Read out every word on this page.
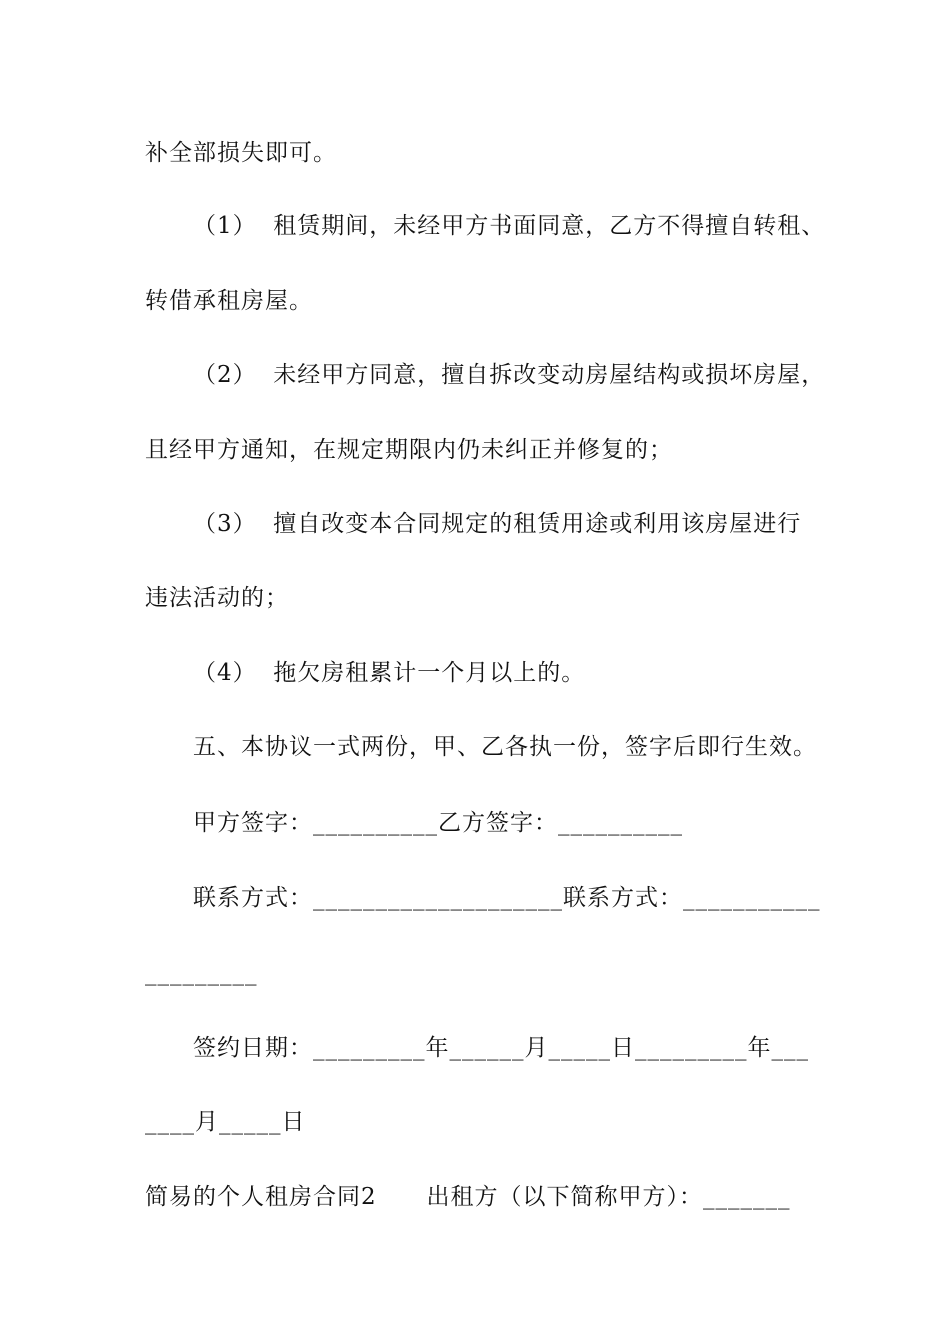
补全部损失即可。
（1）  租赁期间，未经甲方书面同意，乙方不得擅自转租、
转借承租房屋。
（2）  未经甲方同意，擅自拆改变动房屋结构或损坏房屋，
且经甲方通知，在规定期限内仍未纠正并修复的；
（3）  擅自改变本合同规定的租赁用途或利用该房屋进行
违法活动的；
（4）  拖欠房租累计一个月以上的。
五、本协议一式两份，甲、乙各执一份，签字后即行生效。
甲方签字：__________乙方签字：__________
联系方式：____________________联系方式：___________
_________
签约日期：_________年______月_____日_________年___
____月_____日
简易的个人租房合同2      出租方（以下简称甲方）：_______
